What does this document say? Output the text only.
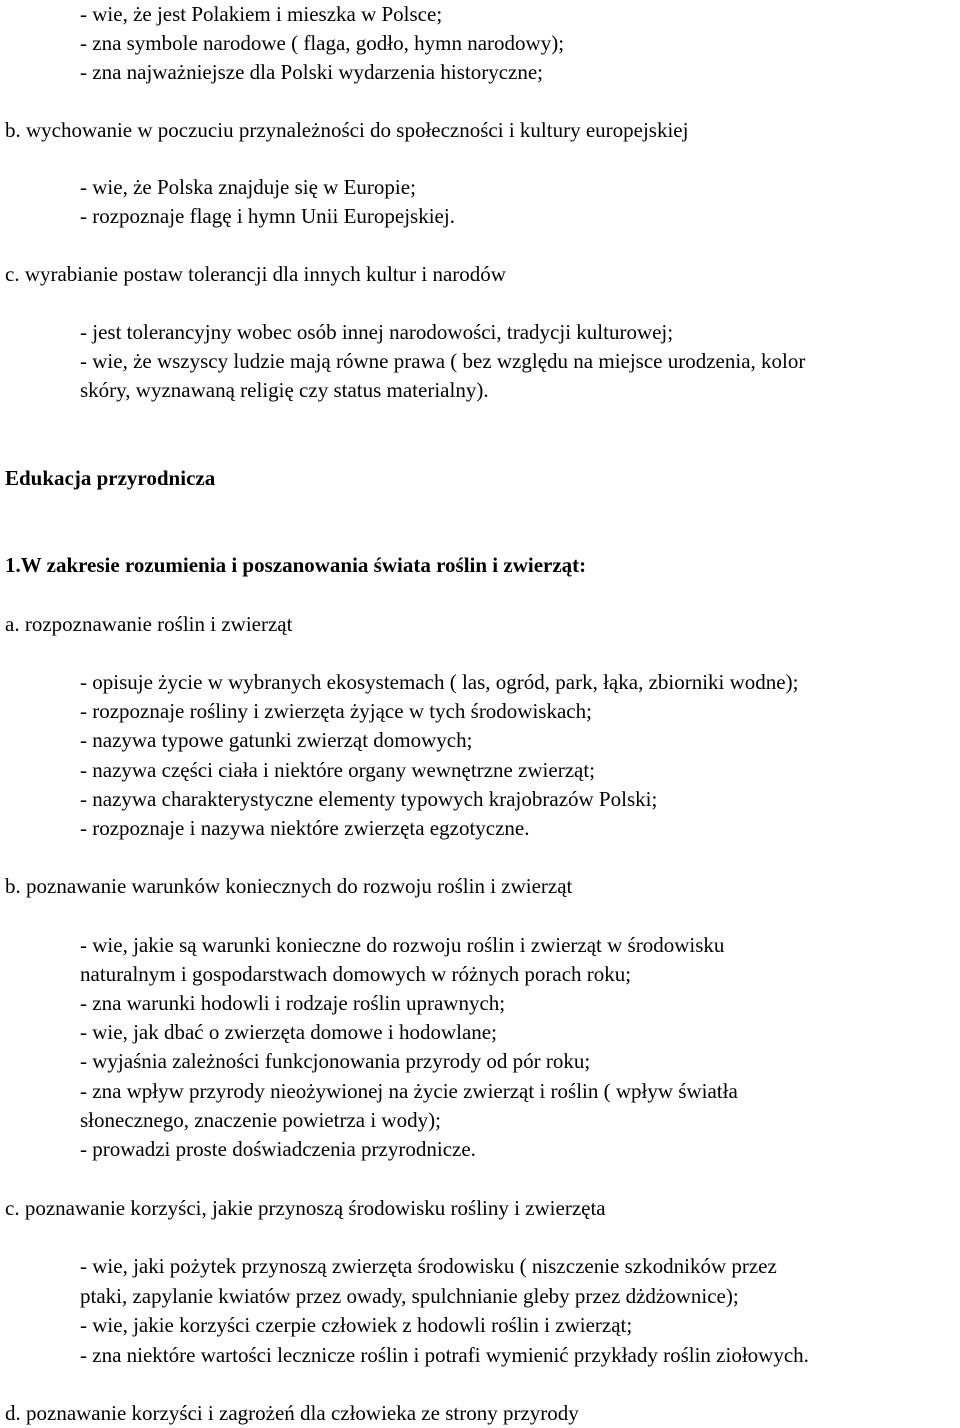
- wie, że jest Polakiem i mieszka w Polsce;

- zna symbole narodowe ( flaga, godło, hymn narodowy);

- zna najważniejsze dla Polski wydarzenia historyczne;

b. wychowanie w poczuciu przynależności do społeczności i kultury europejskiej

- wie, że Polska znajduje się w Europie;

- rozpoznaje flagę i hymn Unii Europejskiej.

c. wyrabianie postaw tolerancji dla innych kultur i narodów

- jest tolerancyjny wobec osób innej narodowości, tradycji kulturowej;

- wie, że wszyscy ludzie mają równe prawa ( bez względu na miejsce urodzenia, kolor

skóry, wyznawaną religię czy status materialny).

Edukacja przyrodnicza

1.W zakresie rozumienia i poszanowania świata roślin i zwierząt:

a. rozpoznawanie roślin i zwierząt

- opisuje życie w wybranych ekosystemach ( las, ogród, park, łąka, zbiorniki wodne);

- rozpoznaje rośliny i zwierzęta żyjące w tych środowiskach;

- nazywa typowe gatunki zwierząt domowych;

- nazywa części ciała i niektóre organy wewnętrzne zwierząt;

- nazywa charakterystyczne elementy typowych krajobrazów Polski;

- rozpoznaje i nazywa niektóre zwierzęta egzotyczne.

b. poznawanie warunków koniecznych do rozwoju roślin i zwierząt

- wie, jakie są warunki konieczne do rozwoju roślin i zwierząt w środowisku

naturalnym i gospodarstwach domowych w różnych porach roku;

- zna warunki hodowli i rodzaje roślin uprawnych;

- wie, jak dbać o zwierzęta domowe i hodowlane;

- wyjaśnia zależności funkcjonowania przyrody od pór roku;

- zna wpływ przyrody nieożywionej na życie zwierząt i roślin ( wpływ światła

słonecznego, znaczenie powietrza i wody);

- prowadzi proste doświadczenia przyrodnicze.

c. poznawanie korzyści, jakie przynoszą środowisku rośliny i zwierzęta

- wie, jaki pożytek przynoszą zwierzęta środowisku ( niszczenie szkodników przez

ptaki, zapylanie kwiatów przez owady, spulchnianie gleby przez dżdżownice);

- wie, jakie korzyści czerpie człowiek z hodowli roślin i zwierząt;

- zna niektóre wartości lecznicze roślin i potrafi wymienić przykłady roślin ziołowych.

d. poznawanie korzyści i zagrożeń dla człowieka ze strony przyrody
